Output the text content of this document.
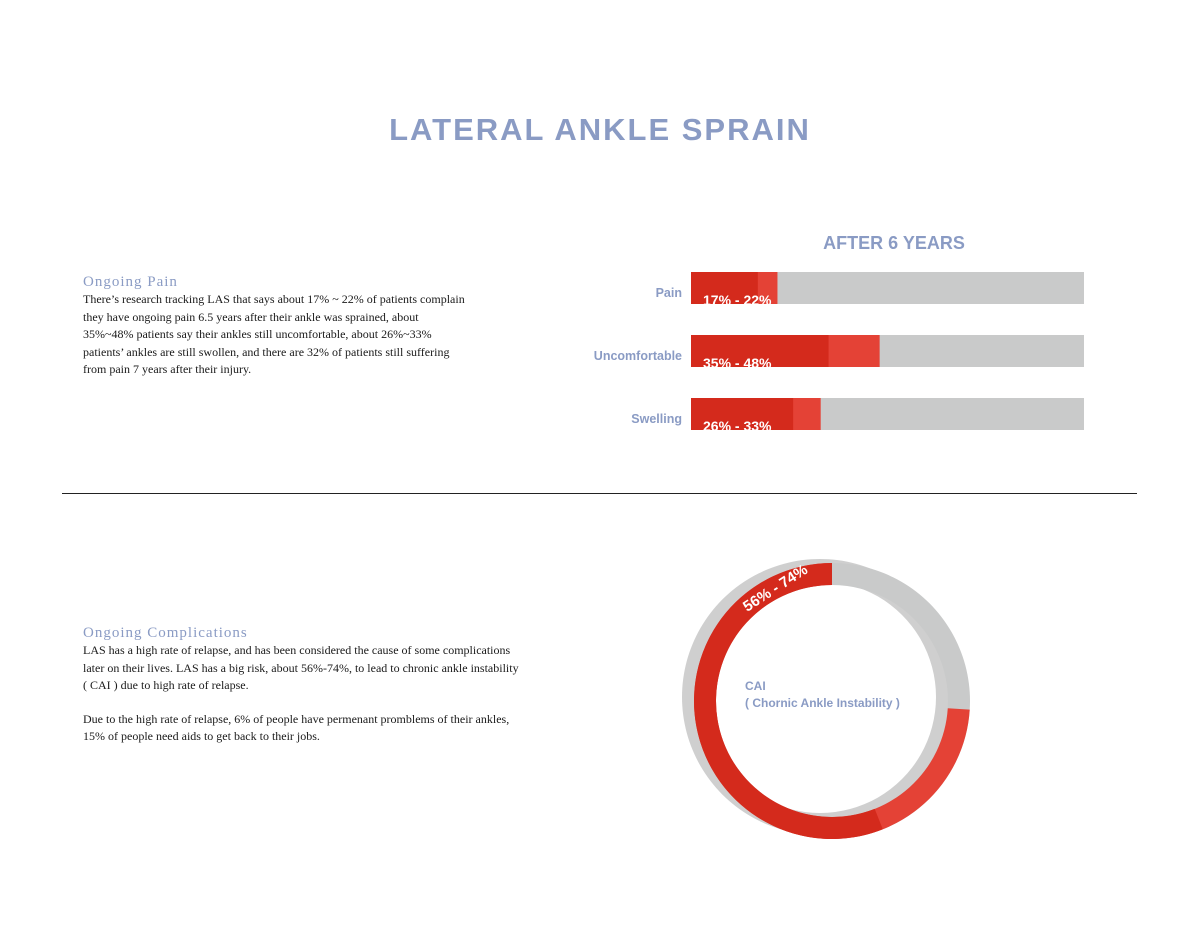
LATERAL ANKLE SPRAIN
Ongoing Pain

There’s research tracking LAS that says about 17% ~ 22% of patients complain

they have ongoing pain 6.5 years after their ankle was sprained, about

35%~48% patients say their ankles still uncomfortable, about 26%~33%

patients’ ankles are still swollen, and there are 32% of patients still suffering

from pain 7 years after their injury.

AFTER 6 YEARS
Pain 17% - 22%
Uncomfortable 35% - 48%
Swelling 26% - 33%
Ongoing Complications
LAS has a high rate of relapse, and has been considered the cause of some complications
later on their lives. LAS has a big risk, about 56%-74%, to lead to chronic ankle instability
( CAI ) due to high rate of relapse.
Due to the high rate of relapse, 6% of people have permenant promblems of their ankles,
15% of people need aids to get back to their jobs.
56% - 74%
CAI
( Chornic Ankle Instability )
